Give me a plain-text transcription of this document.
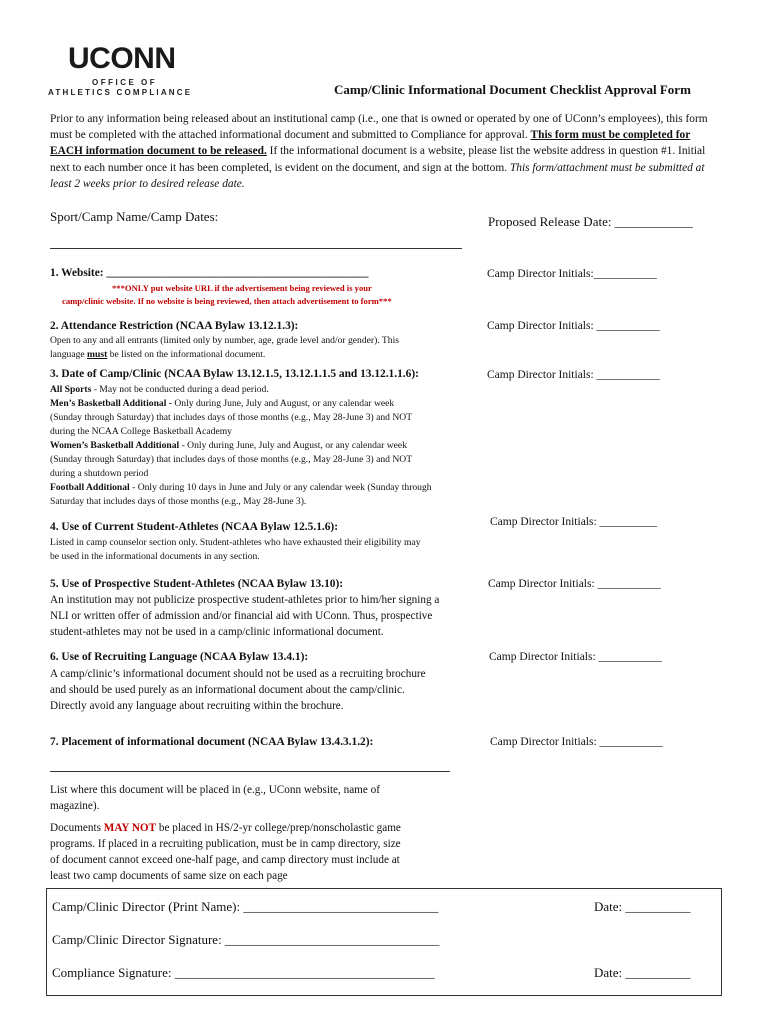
UCONN
OFFICE OF
ATHLETICS COMPLIANCE	Camp/Clinic Informational Document Checklist Approval Form
Prior to any information being released about an institutional camp (i.e., one that is owned or operated by one of UConn’s employees), this form must be completed with the attached informational document and submitted to Compliance for approval. This form must be completed for EACH information document to be released. If the informational document is a website, please list the website address in question #1. Initial next to each number once it has been completed, is evident on the document, and sign at the bottom. This form/attachment must be submitted at least 2 weeks prior to desired release date.
Sport/Camp Name/Camp Dates:	Proposed Release Date: ____________
1. Website: ______________________________________________	Camp Director Initials:___________
***ONLY put website URL if the advertisement being reviewed is your
camp/clinic website. If no website is being reviewed, then attach advertisement to form***
2. Attendance Restriction (NCAA Bylaw 13.12.1.3):	Camp Director Initials: ___________
Open to any and all entrants (limited only by number, age, grade level and/or gender). This
language must be listed on the informational document.
3. Date of Camp/Clinic (NCAA Bylaw 13.12.1.5, 13.12.1.1.5 and 13.12.1.1.6):	Camp Director Initials: ___________
All Sports - May not be conducted during a dead period.
Men’s Basketball Additional - Only during June, July and August, or any calendar week
(Sunday through Saturday) that includes days of those months (e.g., May 28-June 3) and NOT
during the NCAA College Basketball Academy
Women’s Basketball Additional - Only during June, July and August, or any calendar week
(Sunday through Saturday) that includes days of those months (e.g., May 28-June 3) and NOT
during a shutdown period
Football Additional - Only during 10 days in June and July or any calendar week (Sunday through
Saturday that includes days of those months (e.g., May 28-June 3).
4. Use of Current Student-Athletes (NCAA Bylaw 12.5.1.6):	Camp Director Initials: __________
Listed in camp counselor section only. Student-athletes who have exhausted their eligibility may
be used in the informational documents in any section.
5. Use of Prospective Student-Athletes (NCAA Bylaw 13.10):	Camp Director Initials: ___________
An institution may not publicize prospective student-athletes prior to him/her signing a
NLI or written offer of admission and/or financial aid with UConn. Thus, prospective
student-athletes may not be used in a camp/clinic informational document.
6. Use of Recruiting Language (NCAA Bylaw 13.4.1):	Camp Director Initials: ___________
A camp/clinic’s informational document should not be used as a recruiting brochure
and should be used purely as an informational document about the camp/clinic.
Directly avoid any language about recruiting within the brochure.
7. Placement of informational document (NCAA Bylaw 13.4.3.1.2):	Camp Director Initials: ___________
List where this document will be placed in (e.g., UConn website, name of
magazine).
Documents MAY NOT be placed in HS/2-yr college/prep/nonscholastic game
programs. If placed in a recruiting publication, must be in camp directory, size
of document cannot exceed one-half page, and camp directory must include at
least two camp documents of same size on each page
Camp/Clinic Director (Print Name): ______________________________	Date: __________
Camp/Clinic Director Signature: _________________________________
Compliance Signature: ________________________________________	Date: __________
